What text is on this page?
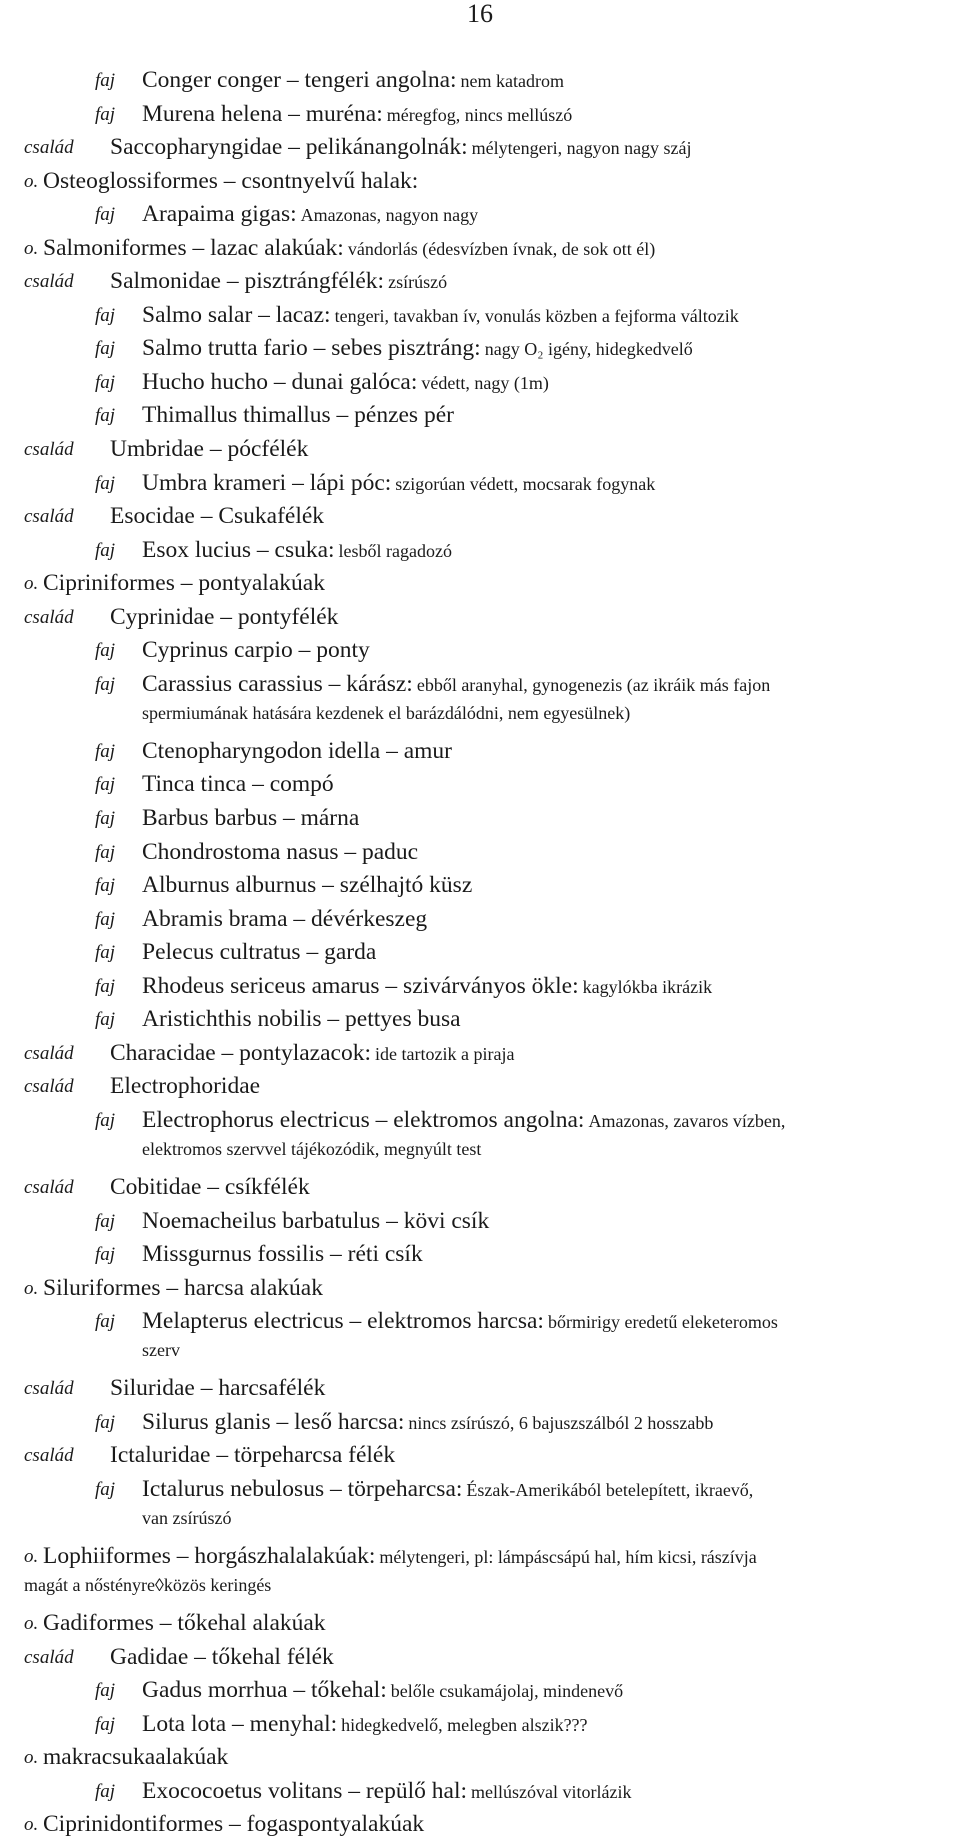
16
faj Conger conger – tengeri angolna: nem katadrom
faj Murena helena – muréna: méregfog, nincs mellúszó
család Saccopharyngidae – pelikánangolnák: mélytengeri, nagyon nagy száj
o. Osteoglossiformes – csontnyelvű halak:
faj Arapaima gigas: Amazonas, nagyon nagy
o. Salmoniformes – lazac alakúak: vándorlás (édesvízben ívnak, de sok ott él)
család Salmonidae – pisztrángfélék: zsírúszó
faj Salmo salar – lacaz: tengeri, tavakban ív, vonulás közben a fejforma változik
faj Salmo trutta fario – sebes pisztráng: nagy O₂ igény, hidegkedvelő
faj Hucho hucho – dunai galóca: védett, nagy (1m)
faj Thimallus thimallus – pénzes pér
család Umbridae – pócfélék
faj Umbra krameri – lápi póc: szigorúan védett, mocsarak fogynak
család Esocidae – Csukafélék
faj Esox lucius – csuka: lesből ragadozó
o. Cipriniformes – pontyalakúak
család Cyprinidae – pontyfélék
faj Cyprinus carpio – ponty
faj Carassius carassius – kárász: ebből aranyhal, gynogenezis (az ikráik más fajon
spermiumának hatására kezdenek el barázdálódni, nem egyesülnek)
faj Ctenopharyngodon idella – amur
faj Tinca tinca – compó
faj Barbus barbus – márna
faj Chondrostoma nasus – paduc
faj Alburnus alburnus – szélhajtó küsz
faj Abramis brama – dévérkeszeg
faj Pelecus cultratus – garda
faj Rhodeus sericeus amarus – szivárványos ökle: kagylókba ikrázik
faj Aristichthis nobilis – pettyes busa
család Characidae – pontylazacok: ide tartozik a piraja
család Electrophoridae
faj Electrophorus electricus – elektromos angolna: Amazonas, zavaros vízben,
elektromos szervvel tájékozódik, megnyúlt test
család Cobitidae – csíkfélék
faj Noemacheilus barbatulus – kövi csík
faj Missgurnus fossilis – réti csík
o. Siluriformes – harcsa alakúak
faj Melapterus electricus – elektromos harcsa: bőrmirigy eredetű eleketeromos
szerv
család Siluridae – harcsafélék
faj Silurus glanis – leső harcsa: nincs zsírúszó, 6 bajuszszálból 2 hosszabb
család Ictaluridae – törpeharcsa félék
faj Ictalurus nebulosus – törpeharcsa: Észak-Amerikából betelepített, ikraevő,
van zsírúszó
o. Lophiiformes – horgászhalalakúak: mélytengeri, pl: lámpáscsápú hal, hím kicsi, rászívja
magát a nőstényre◊közös keringés
o. Gadiformes – tőkehal alakúak
család Gadidae – tőkehal félék
faj Gadus morrhua – tőkehal: belőle csukamájolaj, mindenevő
faj Lota lota – menyhal: hidegkedvelő, melegben alszik???
o. makracsukaalakúak
faj Exococoetus volitans – repülő hal: mellúszóval vitorlázik
o. Ciprinidontiformes – fogaspontyalakúak
